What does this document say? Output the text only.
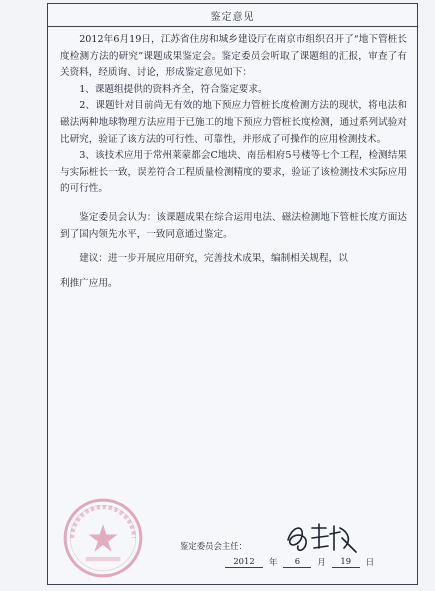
鉴定意见

2012年6月19日，江苏省住房和城乡建设厅在南京市组织召开了“地下管桩长度检测方法的研究”课题成果鉴定会。鉴定委员会听取了课题组的汇报，审查了有关资料，经质询、讨论，形成鉴定意见如下：

1、课题组提供的资料齐全，符合鉴定要求。

2、课题针对目前尚无有效的地下预应力管桩长度检测方法的现状，将电法和磁法两种地球物理方法应用于已施工的地下预应力管桩长度检测，通过系列试验对比研究，验证了该方法的可行性、可靠性，并形成了可操作的应用检测技术。

3、该技术应用于常州莱蒙都会C地块、南岳相府5号楼等七个工程，检测结果与实际桩长一致，误差符合工程质量检测精度的要求，验证了该检测技术实际应用的可行性。

鉴定委员会认为：该课题成果在综合运用电法、磁法检测地下管桩长度方面达到了国内领先水平，一致同意通过鉴定。

建议：进一步开展应用研究，完善技术成果，编制相关规程，以

利推广应用。

鉴定委员会主任：
2012	年	6	月	19	日
